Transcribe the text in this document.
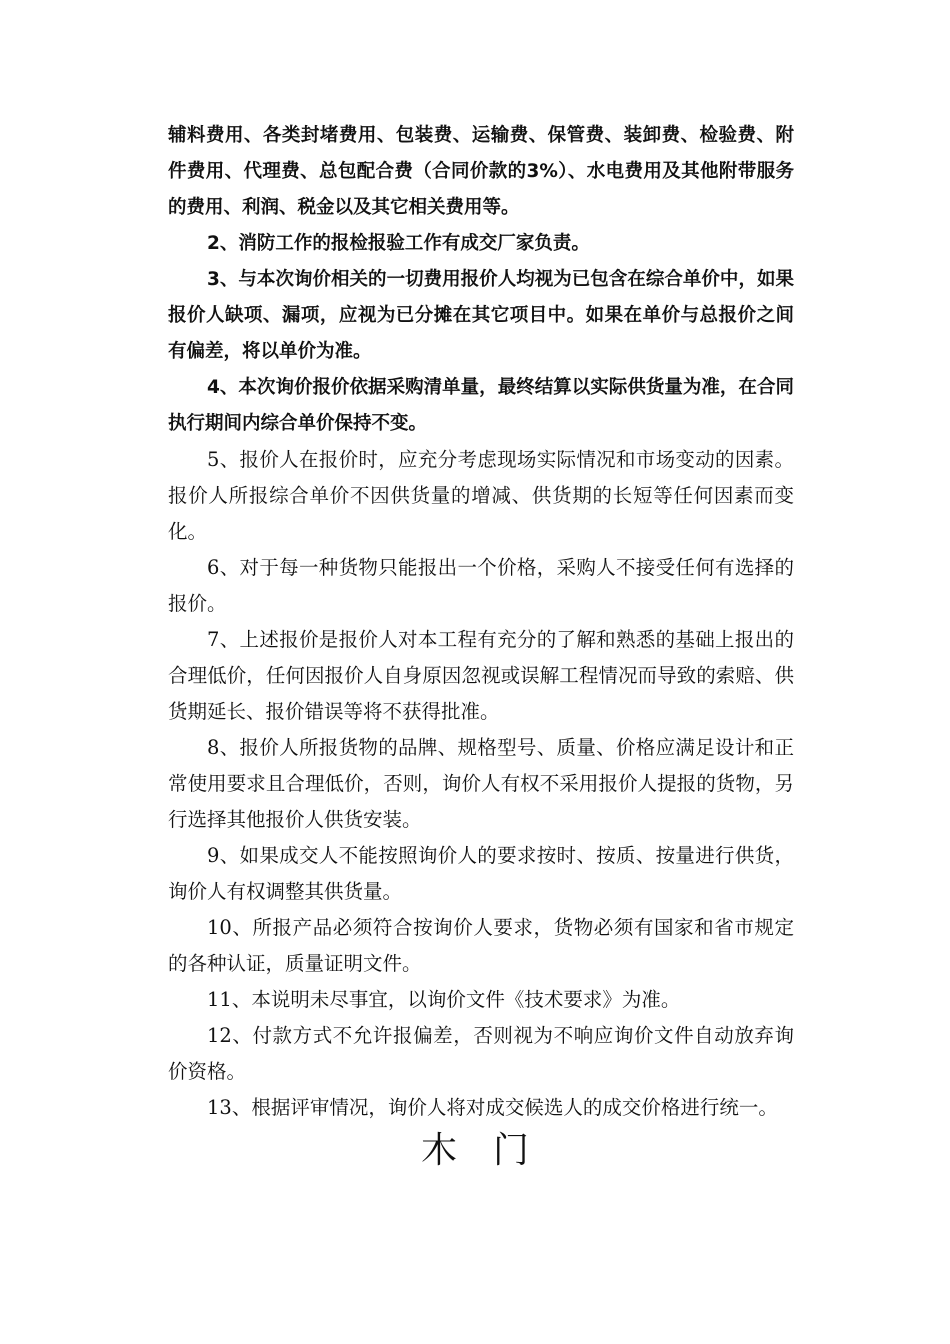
辅料费用、各类封堵费用、包装费、运输费、保管费、装卸费、检验费、附件费用、代理费、总包配合费（合同价款的3%）、水电费用及其他附带服务的费用、利润、税金以及其它相关费用等。

2、消防工作的报检报验工作有成交厂家负责。

3、与本次询价相关的一切费用报价人均视为已包含在综合单价中，如果报价人缺项、漏项，应视为已分摊在其它项目中。如果在单价与总报价之间有偏差，将以单价为准。

4、本次询价报价依据采购清单量，最终结算以实际供货量为准，在合同执行期间内综合单价保持不变。

5、报价人在报价时，应充分考虑现场实际情况和市场变动的因素。报价人所报综合单价不因供货量的增减、供货期的长短等任何因素而变化。

6、对于每一种货物只能报出一个价格，采购人不接受任何有选择的报价。

7、上述报价是报价人对本工程有充分的了解和熟悉的基础上报出的合理低价，任何因报价人自身原因忽视或误解工程情况而导致的索赔、供货期延长、报价错误等将不获得批准。

8、报价人所报货物的品牌、规格型号、质量、价格应满足设计和正常使用要求且合理低价，否则，询价人有权不采用报价人提报的货物，另行选择其他报价人供货安装。

9、如果成交人不能按照询价人的要求按时、按质、按量进行供货，询价人有权调整其供货量。

10、所报产品必须符合按询价人要求，货物必须有国家和省市规定的各种认证，质量证明文件。

11、本说明未尽事宜，以询价文件《技术要求》为准。

12、付款方式不允许报偏差，否则视为不响应询价文件自动放弃询价资格。

13、根据评审情况，询价人将对成交候选人的成交价格进行统一。

木门
